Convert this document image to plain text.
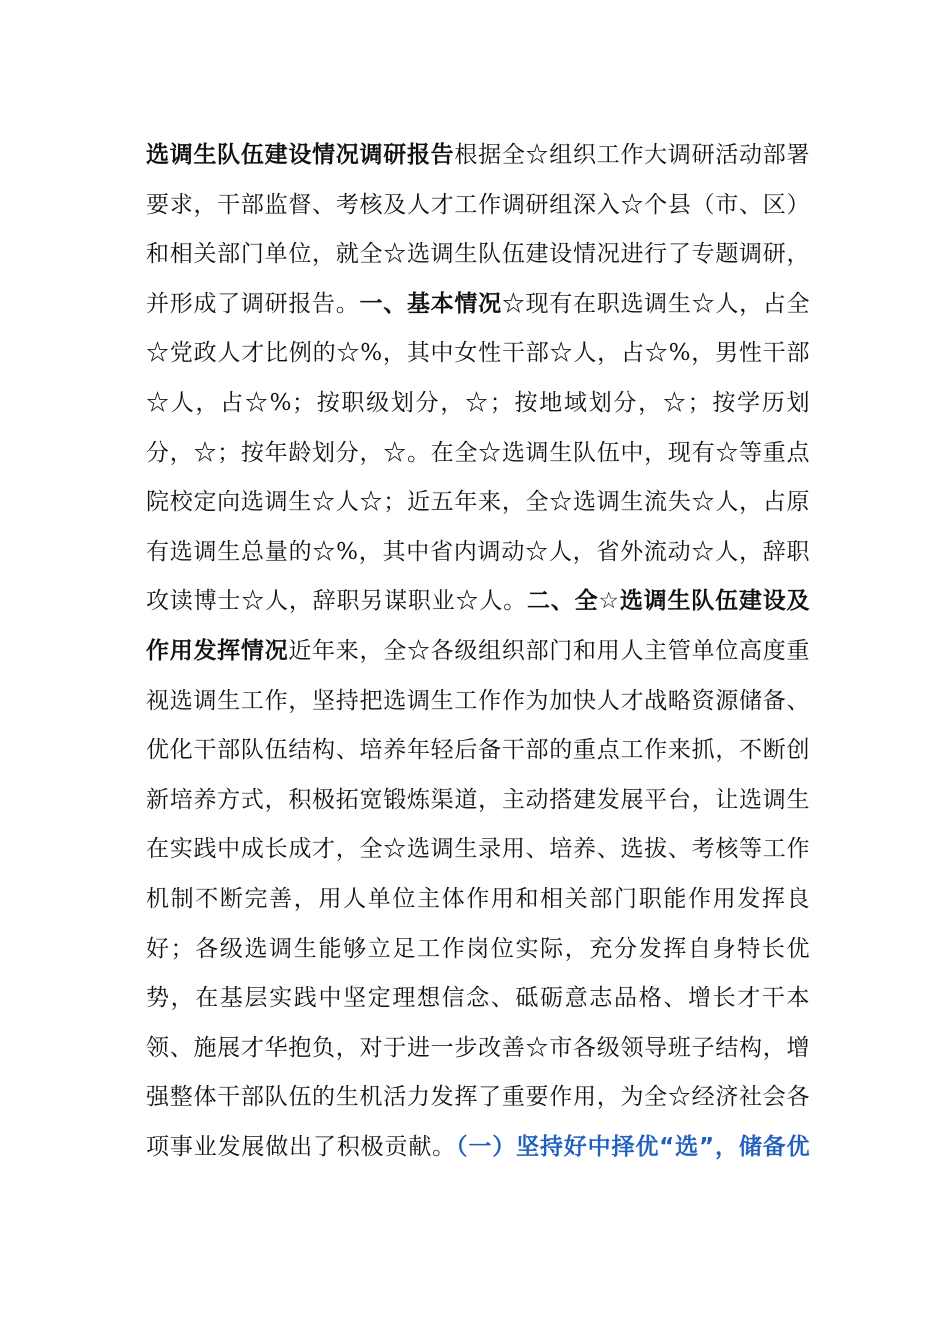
选调生队伍建设情况调研报告根据全☆组织工作大调研活动部署要求，干部监督、考核及人才工作调研组深入☆个县（市、区）和相关部门单位，就全☆选调生队伍建设情况进行了专题调研，并形成了调研报告。一、基本情况☆现有在职选调生☆人，占全☆党政人才比例的☆%，其中女性干部☆人，占☆%，男性干部☆人，占☆%；按职级划分，☆；按地域划分，☆；按学历划分，☆；按年龄划分，☆。在全☆选调生队伍中，现有☆等重点院校定向选调生☆人☆；近五年来，全☆选调生流失☆人，占原有选调生总量的☆%，其中省内调动☆人，省外流动☆人，辞职攻读博士☆人，辞职另谋职业☆人。二、全☆选调生队伍建设及作用发挥情况近年来，全☆各级组织部门和用人主管单位高度重视选调生工作，坚持把选调生工作作为加快人才战略资源储备、优化干部队伍结构、培养年轻后备干部的重点工作来抓，不断创新培养方式，积极拓宽锻炼渠道，主动搭建发展平台，让选调生在实践中成长成才，全☆选调生录用、培养、选拔、考核等工作机制不断完善，用人单位主体作用和相关部门职能作用发挥良好；各级选调生能够立足工作岗位实际，充分发挥自身特长优势，在基层实践中坚定理想信念、砥砺意志品格、增长才干本领、施展才华抱负，对于进一步改善☆市各级领导班子结构，增强整体干部队伍的生机活力发挥了重要作用，为全☆经济社会各项事业发展做出了积极贡献。（一）坚持好中择优“选”，储备优
